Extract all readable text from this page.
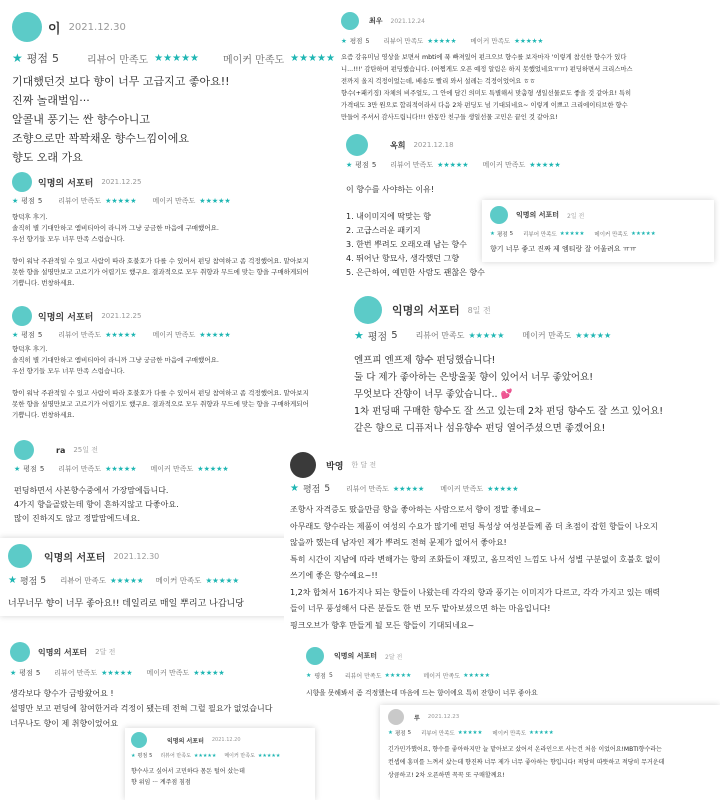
이 2021.12.30
★ 평점 5	리뷰어 만족도 ★★★★★ 메이커 만족도 ★★★★★
기대했던것 보다 향이 너무 고급지고 좋아요!!
진짜 놀래벌임···
알콜내 풍기는 싼 향수아니고
조향으로만 꽉꽉채운 향수느낌이에요
향도 오래 가요
익명의 서포터 2021.12.25
★ 평점 5 리뷰어 만족도 ★★★★★ 메이커 만족도 ★★★★★
향덕후 후기.
솔직히 별 기대안하고 엠비티아이 라니까 그냥 궁금한 마음에 구매했어요.
우선 향기들 모두 너무 만족 스럽습니다.

향이 워낙 주관적일 수 있고 사람이 따라 호불호가 다를 수 있어서 펀딩 참여하고 좀 걱정했어요. 맡아보지
못한 향을 설명만보고 고르기가 어렵기도 했구요. 결과적으로 모두 취향과 무드에 맞는 향을 구매하게되어
기쁩니다. 번창하세요.
익명의 서포터 2021.12.25
★ 평점 5 리뷰어 만족도 ★★★★★ 메이커 만족도 ★★★★★
향덕후 후기.
솔직히 별 기대안하고 엠비티아이 라니까 그냥 궁금한 마음에 구매했어요.
우선 향기들 모두 너무 만족 스럽습니다.

향이 워낙 주관적일 수 있고 사람이 따라 호불호가 다를 수 있어서 펀딩 참여하고 좀 걱정했어요. 맡아보지
못한 향을 설명만보고 고르기가 어렵기도 했구요. 결과적으로 모두 취향과 무드에 맞는 향을 구매하게되어
기쁩니다. 번창하세요.
ra 25일 전
★ 평점 5 리뷰어 만족도 ★★★★★ 메이커 만족도 ★★★★★
펀딩하면서 사본향수중에서 가장맘에듭니다.
4가지 향을골랐는데 향이 흔하지않고 다좋아요.
많이 진하지도 않고 정말맘에드네요.
익명의 서포터 2021.12.30
★ 평점 5 리뷰어 만족도 ★★★★★ 메이커 만족도 ★★★★★
너무너무 향이 너무 좋아요!! 데일리로 매일 뿌리고 나갑니당
익명의 서포터 2달 전
★ 평점 5 리뷰어 만족도 ★★★★★ 메이커 만족도 ★★★★★
생각보다 향수가 금방왔어요 !
설명만 보고 펀딩에 참여한거라 걱정이 됐는데 전혀 그럴 필요가 없었습니다
너무나도 향이 제 취향이었어요
익명의 서포터 2021.12.20
★ 평점 5 리뷰어 만족도 ★★★★★ 메이커 만족도 ★★★★★
향수사고 싶어서 고민하다 몸돈 털어 샀는데
향 위임 ··· 계주점 침점
최우 2021.12.24
★ 평점 5 리뷰어 만족도 ★★★★★ 메이커 만족도 ★★★★★
요즘 강유미님 영상을 보면서 mbti에 푹 빠져있어 펀크으브 향수를 보자마자 '이렇게 참신한 향수가 있다
니...!!!' 감탄하며 펀딩했습니다. (어쩜게도 오픈 예정 알림은 하지 못했었네요ㅠㅠ) 펀딩하면서 크리스마스
전까지 올지 걱정이었는데, 배송도 빨리 와서 설레는 걱정이었어요 ㅎㅎ
향수(+패키징) 자체의 비주얼도, 그 안에 담긴 의미도 특별해서 맞춤형 생일선물로도 좋을 것 같아요! 특히
가격대도 3만 원으로 합리적이라서 다음 2차 펀딩도 넘 기대되네요~ 이렇게 이쁘고 크리에이티브한 향수
만들어 주셔서 감사드립니다!!! 한동안 친구들 생일선물 고민은 끝인 것 같아요!
옥희 2021.12.18
★ 평점 5 리뷰어 만족도 ★★★★★ 메이커 만족도 ★★★★★
이 향수를 사야하는 이유!
1. 내이미지에 딱맞는 향
2. 고급스러운 패키지
3. 한번 뿌려도 오래오래 남는 향수
4. 뛰어난 향묘사, 생각했던 그향
5. 은근하여, 예민한 사람도 괜찮은 향수
익명의 서포터 2일 전
★ 평점 5 리뷰어 만족도 ★★★★★ 메이커 만족도 ★★★★★
향기 너무 좋고 진짜 제 엠티랑 잘 어울려요 ㅠㅠ
익명의 서포터 8일 전
★ 평점 5 리뷰어 만족도 ★★★★★ 메이커 만족도 ★★★★★
엔프피 엔프제 향수 펀딩했습니다!
둘 다 제가 좋아하는 은방울꽃 향이 있어서 너무 좋았어요!
무엇보다 잔향이 너무 좋았습니다.. 💕
1차 펀딩때 구매한 향수도 잘 쓰고 있는데 2차 펀딩 향수도 잘 쓰고 있어요!
같은 향으로 디퓨저나 섬유향수 펀딩 열어주셨으면 좋겠어요!
박영 한 달 전
★ 평점 5 리뷰어 만족도 ★★★★★ 메이커 만족도 ★★★★★
조향사 자격증도 땄을만큼 향을 좋아하는 사람으로서 향이 정말 좋네요~
아무래도 향수라는 제품이 여성의 수요가 많기에 펀딩 특성상 여성분들께 좀 더 초점이 잡힌 향들이 나오지
않을까 했는데 남자인 제가 뿌려도 전혀 문제가 없어서 좋아요!
특히 시간이 지남에 따라 변해가는 향의 조화들이 재밌고, 옴므적인 느낌도 나서 성별 구분없이 호불호 없이
쓰기에 좋은 향수예요~!!
1,2차 합쳐서 16가지나 되는 향들이 나왔는데 각각의 향과 풍기는 이미지가 다르고, 각각 가지고 있는 매력
들이 너무 풍성해서 다른 분들도 한 번 모두 맡아보셨으면 하는 마음입니다!
핑크오브가 향후 만들게 될 모든 향들이 기대되네요~
익명의 서포터 2달 전
★ 평점 5 리뷰어 만족도 ★★★★★ 메이커 만족도 ★★★★★
시향을 못해봐서 좀 걱정했는데 마음에 드는 향이에요 특히 잔향이 너무 좋아요
루 2021.12.23
★ 평점 5 리뷰어 만족도 ★★★★★ 메이커 만족도 ★★★★★
긴가민가했어요, 향수를 좋아하지만 늘 맡아보고 샀어서 온라인으로 사는건 처음 이었어요!MBTI향수라는
컨셉에 흥미를 느껴서 샀는데 향진짜 너무 제가 너무 좋아하는 향입니다! 적당히 따뜻하고 적당히 무거운데
상큼하고! 2차 오픈하면 꼭꼭 또 구매할께요!
